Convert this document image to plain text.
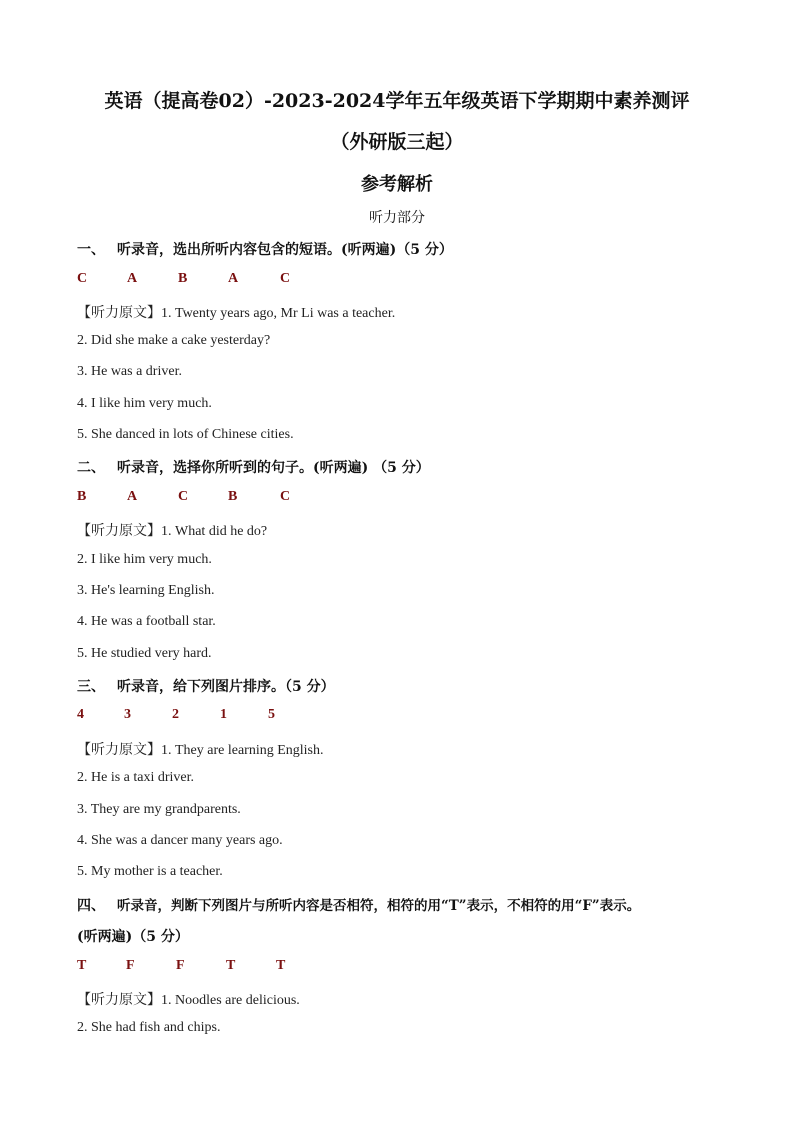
英语（提高卷02）-2023-2024学年五年级英语下学期期中素养测评
（外研版三起）
参考解析
听力部分
一、 听录音，选出所听内容包含的短语。(听两遍)（5 分）
C	A	B	A	C
【听力原文】1. Twenty years ago, Mr Li was a teacher.
2. Did she make a cake yesterday?
3. He was a driver.
4. I like him very much.
5. She danced in lots of Chinese cities.
二、 听录音，选择你所听到的句子。(听两遍) （5 分）
B	A	C	B	C
【听力原文】1. What did he do?
2. I like him very much.
3. He's learning English.
4. He was a football star.
5. He studied very hard.
三、 听录音，给下列图片排序。（5 分）
4	3	2	1	5
【听力原文】1. They are learning English.
2. He is a taxi driver.
3. They are my grandparents.
4. She was a dancer many years ago.
5. My mother is a teacher.
四、 听录音，判断下列图片与所听内容是否相符，相符的用“T”表示，不相符的用“F”表示。
(听两遍)（5 分）
T	F	F	T	T
【听力原文】1. Noodles are delicious.
2. She had fish and chips.
